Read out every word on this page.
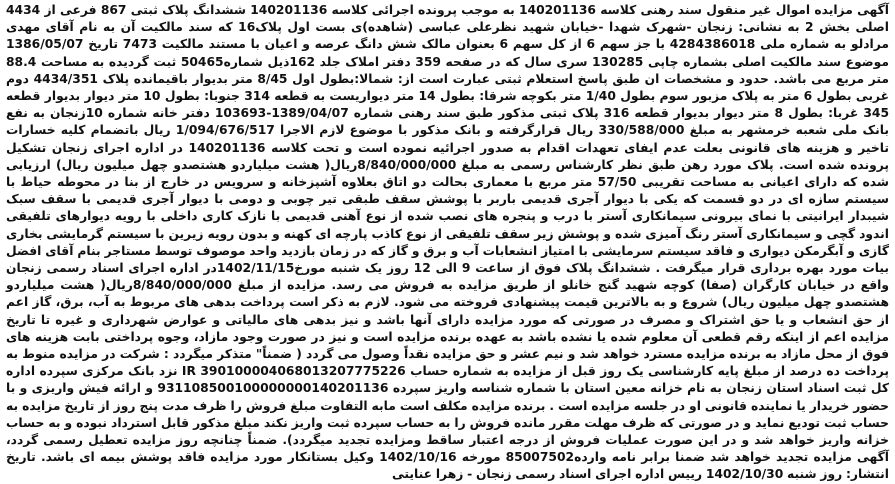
آگهی مزایده اموال غیر منقول سند رهنی کلاسه 140201136 به موجب پرونده اجرائی کلاسه 140201136 ششدانگ پلاک ثبتی 867 فرعی از 4434 اصلی بخش 2 به نشانی: زنجان -شهرک شهدا -خیابان شهید نظرعلی عباسی (شاهده)ی بست اول پلاک16 که سند مالکیت آن به نام آقای مهدی مرادلو به شماره ملی 4284386018 با جز سهم 6 از کل سهم 6 بعنوان مالک شش دانگ عرصه و اعیان با مستند مالکیت 7473 تاریخ 1386/05/07 موضوع سند مالکیت اصلی بشماره چاپی 130285 سری سال که در صفحه 359 دفتر املاک جلد 162ذیل شماره50465 ثبت گردیده به مساحت 88.4 متر مربع می باشد. حدود و مشخصات ان طبق پاسخ استعلام ثبتی عبارت است از: شمالا:بطول اول 8/45 متر بدیوار باقیمانده پلاک 4434/351 دوم غربی بطول 6 متر به پلاک مزبور سوم بطول 1/40 متر بکوچه شرقا: بطول 14 متر دیواریست به قطعه 314 جنوبا: بطول 10 متر دیوار بدیوار قطعه 345 غربا: بطول 8 متر دیوار بدیوار قطعه 316 پلاک ثبتی مذکور طبق سند رهنی شماره 1389/04/07-103693 دفتر خانه شماره 10زنجان به نفع بانک ملی شعبه خرمشهر به مبلغ 330/588/000 ریال قرارگرفته و بانک مذکور با موضوع لازم الاجرا 1/094/676/517 ریال باتضمام کلیه خسارات تاخیر و هزینه های قانونی بعلت عدم ایفای تعهدات اقدام به صدور اجرائیه نموده است و تحت کلاسه 140201136 در اداره اجرای زنجان تشکیل پرونده شده است. پلاک مورد رهن طبق نظر کارشناس رسمی به مبلغ 8/840/000/000ریال( هشت میلیاردو هشتصدو چهل میلیون ریال) ارزیابی شده که دارای اعیانی به مساحت تقریبی 57/50 متر مربع با معماری بحالت دو اتاق بعلاوه آشپزخانه و سرویس در خارج از بنا در محوطه حیاط با سیستم سازه ای در دو قسمت که یکی با دیوار آجری قدیمی باربر با پوشش سقف طبقی تیر چوبی و دومی با دیوار آجری قدیمی با سقف سبک شیبدار ایرانیتی با نمای بیرونی سیمانکاری آستر با درب و پنجره های نصب شده از نوع آهنی قدیمی با نازک کاری داخلی با رویه دیوارهای تلفیقی اندود گچی و سیمانکاری آستر رنگ آمیزی شده و پوشش زیر سقف تلفیقی از نوع کاذب پارچه ای کهنه و بدون رویه زیرین با سیستم گرمایشی بخاری گازی و آبگرمکن دیواری و فاقد سیستم سرمایشی با امتیاز انشعابات آب و برق و گاز که در زمان بازدید واحد موصوف توسط مستاجر بنام آقای افضل بیات مورد بهره برداری قرار میگرفت . ششدانگ پلاک فوق از ساعت 9 الی 12 روز یک شنبه مورخ1402/11/15در اداره اجرای اسناد رسمی زنجان واقع در خیابان کارگران (صفا) کوچه شهید گنج خانلو از طریق مزایده به فروش می رسد. مزایده از مبلغ 8/840/000/000ریال( هشت میلیاردو هشتصدو چهل میلیون ریال) شروع و به بالاترین قیمت پیشنهادی فروخته می شود. لازم به ذکر است پرداخت بدهی های مربوط به آب، برق، گاز اعم از حق انشعاب و یا حق اشتراک و مصرف در صورتی که مورد مزایده دارای آنها باشد و نیز بدهی های مالیاتی و عوارض شهرداری و غیره تا تاریخ مزایده اعم از اینکه رقم قطعی آن معلوم شده یا نشده باشد به عهده برنده مزایده است و نیز در صورت وجود مازاد، وجوه پرداختی بابت هزینه های فوق از محل مازاد به برنده مزایده مسترد خواهد شد و نیم عشر و حق مزایده نقداً وصول می گردد ( ضمناً" متذکر میگردد : شرکت در مزایده منوط به پرداخت ده درصد از مبلغ پایه کارشناسی یک روز قبل از مزایده به شماره حساب IR 390100004068013207775226 نزد بانک مرکزی سپرده اداره کل ثبت اسناد استان زنجان به نام خزانه معین استان با شماره شناسه واریز سپرده 931108500100000000140201136 و ارائه فیش واریزی و با حضور خریدار یا نماینده قانونی او در جلسه مزایده است . برنده مزایده مکلف است مابه التفاوت مبلغ فروش را ظرف مدت پنج روز از تاریخ مزایده به حساب ثبت تودیع نماید و در صورتی که ظرف مهلت مقرر مانده فروش را به حساب سپرده ثبت واریز نکند مبلغ مذکور قابل استرداد نبوده و به حساب خزانه واریز خواهد شد و در این صورت عملیات فروش از درجه اعتبار ساقط ومزایده تجدید میگردد). ضمناً چنانچه روز مزایده تعطیل رسمی گردد، آگهی مزایده تجدید خواهد شد ضمنا برابر نامه وارده85007502 مورخه 1402/10/16 وکیل بستانکار مورد مزایده فاقد پوشش بیمه ای باشد. تاریخ انتشار: روز شنبه 1402/10/30 رییس اداره اجرای اسناد رسمی زنجان - زهرا عنایتی
